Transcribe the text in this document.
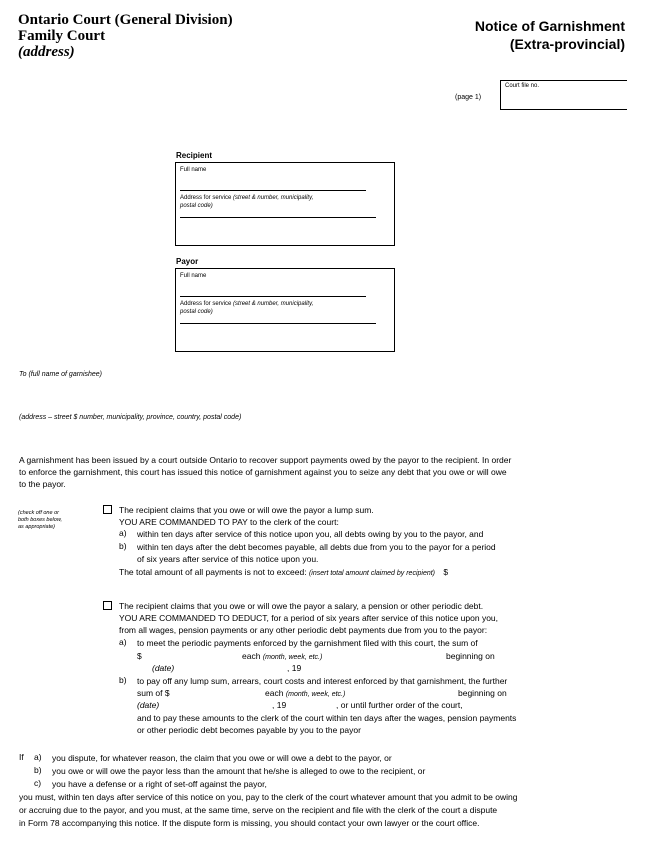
Ontario Court (General Division)
Family Court
(address)
Notice of Garnishment
(Extra-provincial)
(page 1)
Court file no.
Recipient
Full name
Address for service (street & number, municipality,
postal code)
Payor
Full name
Address for service (street & number, municipality,
postal code)
To (full name of garnishee)
(address – street $ number, municipality, province, country, postal code)
A garnishment has been issued by a court outside Ontario to recover support payments owed by the payor to the recipient. In order
to enforce the garnishment, this court has issued this notice of garnishment against you to seize any debt that you owe or will owe
to the payor.
(check off one or
both boxes below,
as appropriate)
The recipient claims that you owe or will owe the payor a lump sum.
YOU ARE COMMANDED TO PAY to the clerk of the court:
a) within ten days after service of this notice upon you, all debts owing by you to the payor, and
b) within ten days after the debt becomes payable, all debts due from you to the payor for a period
of six years after service of this notice upon you.
The total amount of all payments is not to exceed: (insert total amount claimed by recipient) $
The recipient claims that you owe or will owe the payor a salary, a pension or other periodic debt.
YOU ARE COMMANDED TO DEDUCT, for a period of six years after service of this notice upon you,
from all wages, pension payments or any other periodic debt payments due from you to the payor:
a) to meet the periodic payments enforced by the garnishment filed with this court, the sum of
$	each (month, week, etc.)	beginning on
(date)	, 19
b) to pay off any lump sum, arrears, court costs and interest enforced by that garnishment, the further
sum of $	each (month, week, etc.)	beginning on
(date)	, 19	, or until further order of the court,
and to pay these amounts to the clerk of the court within ten days after the wages, pension payments
or other periodic debt becomes payable by you to the payor
If a) you dispute, for whatever reason, the claim that you owe or will owe a debt to the payor, or
b) you owe or will owe the payor less than the amount that he/she is alleged to owe to the recipient, or
c) you have a defense or a right of set-off against the payor,
you must, within ten days after service of this notice on you, pay to the clerk of the court whatever amount that you admit to be owing
or accruing due to the payor, and you must, at the same time, serve on the recipient and file with the clerk of the court a dispute
in Form 78 accompanying this notice. If the dispute form is missing, you should contact your own lawyer or the court office.
